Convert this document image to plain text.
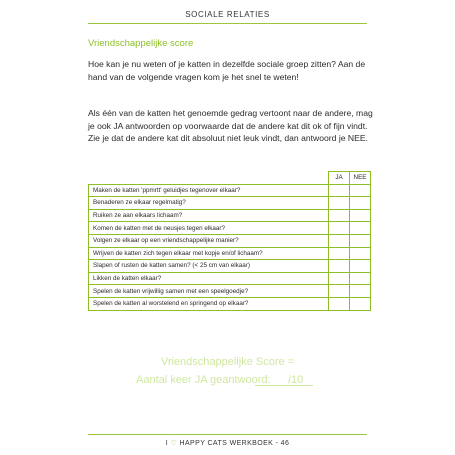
SOCIALE RELATIES
Vriendschappelijke score

Hoe kan je nu weten of je katten in dezelfde sociale groep zitten? Aan de hand van de volgende vragen kom je het snel te weten!

Als één van de katten het genoemde gedrag vertoont naar de andere, mag je ook JA antwoorden op voorwaarde dat de andere kat dit ok of fijn vindt. Zie je dat de andere kat dit absoluut niet leuk vindt, dan antwoord je NEE.

	JA	NEE
Maken de katten 'ppmrtt' geluidjes tegenover elkaar?		
Benaderen ze elkaar regelmatig?		
Ruiken ze aan elkaars lichaam?		
Komen de katten met de neusjes tegen elkaar?		
Volgen ze elkaar op een vriendschappelijke manier?		
Wrijven de katten zich tegen elkaar met kopje en/of lichaam?		
Slapen of rusten de katten samen? (< 25 cm van elkaar)		
Likken de katten elkaar?		
Spelen de katten vrijwillig samen met een speelgoedje?		
Spelen de katten al worstelend en springend op elkaar?		
Vriendschappelijke Score =
Aantal keer JA geantwoord: /10
I ♡ HAPPY CATS WERKBOEK - 46
